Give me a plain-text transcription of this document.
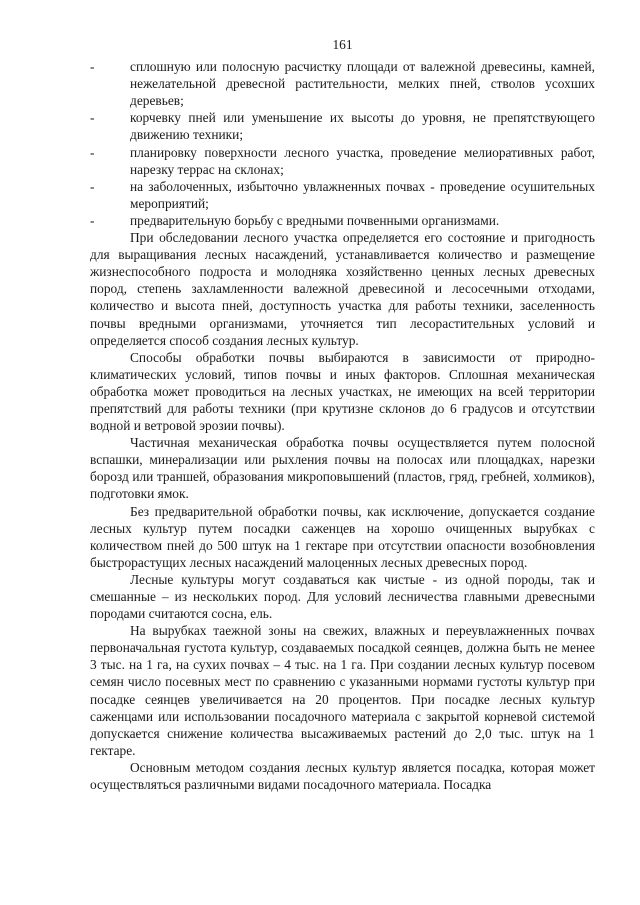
161
-	сплошную или полосную расчистку площади от валежной древесины, камней, нежелательной древесной растительности, мелких пней, стволов усохших деревьев;
-	корчевку пней или уменьшение их высоты до уровня, не препятствующего движению техники;
-	планировку поверхности лесного участка, проведение мелиоративных работ, нарезку террас на склонах;
-	на заболоченных, избыточно увлажненных почвах - проведение осушительных мероприятий;
-	предварительную борьбу с вредными почвенными организмами.

При обследовании лесного участка определяется его состояние и пригодность для выращивания лесных насаждений, устанавливается количество и размещение жизнеспособного подроста и молодняка хозяйственно ценных лесных древесных пород, степень захламленности валежной древесиной и лесосечными отходами, количество и высота пней, доступность участка для работы техники, заселенность почвы вредными организмами, уточняется тип лесорастительных условий и определяется способ создания лесных культур.

Способы обработки почвы выбираются в зависимости от природно-климатических условий, типов почвы и иных факторов. Сплошная механическая обработка может проводиться на лесных участках, не имеющих на всей территории препятствий для работы техники (при крутизне склонов до 6 градусов и отсутствии водной и ветровой эрозии почвы).

Частичная механическая обработка почвы осуществляется путем полосной вспашки, минерализации или рыхления почвы на полосах или площадках, нарезки борозд или траншей, образования микроповышений (пластов, гряд, гребней, холмиков), подготовки ямок.

Без предварительной обработки почвы, как исключение, допускается создание лесных культур путем посадки саженцев на хорошо очищенных вырубках с количеством пней до 500 штук на 1 гектаре при отсутствии опасности возобновления быстрорастущих лесных насаждений малоценных лесных древесных пород.

Лесные культуры могут создаваться как чистые - из одной породы, так и смешанные – из нескольких пород. Для условий лесничества главными древесными породами считаются сосна, ель.

На вырубках таежной зоны на свежих, влажных и переувлажненных почвах первоначальная густота культур, создаваемых посадкой сеянцев, должна быть не менее 3 тыс. на 1 га, на сухих почвах – 4 тыс. на 1 га. При создании лесных культур посевом семян число посевных мест по сравнению с указанными нормами густоты культур при посадке сеянцев увеличивается на 20 процентов. При посадке лесных культур саженцами или использовании посадочного материала с закрытой корневой системой допускается снижение количества высаживаемых растений до 2,0 тыс. штук на 1 гектаре.

Основным методом создания лесных культур является посадка, которая может осуществляться различными видами посадочного материала. Посадка
